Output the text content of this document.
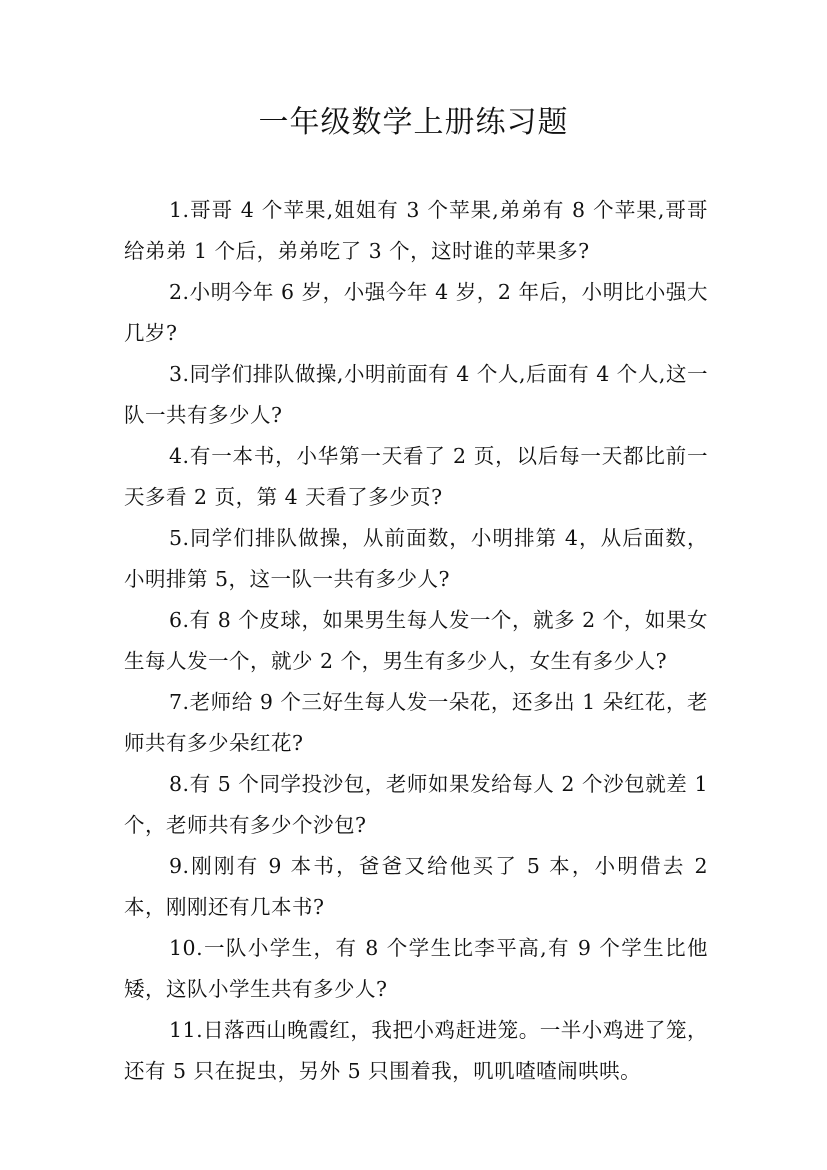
一年级数学上册练习题

1.哥哥 4 个苹果,姐姐有 3 个苹果,弟弟有 8 个苹果,哥哥给弟弟 1 个后，弟弟吃了 3 个，这时谁的苹果多?

2.小明今年 6 岁，小强今年 4 岁，2 年后，小明比小强大几岁?

3.同学们排队做操,小明前面有 4 个人,后面有 4 个人,这一队一共有多少人?

4.有一本书，小华第一天看了 2 页，以后每一天都比前一天多看 2 页，第 4 天看了多少页?

5.同学们排队做操，从前面数，小明排第 4，从后面数，小明排第 5，这一队一共有多少人?

6.有 8 个皮球，如果男生每人发一个，就多 2 个，如果女生每人发一个，就少 2 个，男生有多少人，女生有多少人?

7.老师给 9 个三好生每人发一朵花，还多出 1 朵红花，老师共有多少朵红花?

8.有 5 个同学投沙包，老师如果发给每人 2 个沙包就差 1 个，老师共有多少个沙包?

9.刚刚有 9 本书，爸爸又给他买了 5 本，小明借去 2 本，刚刚还有几本书?

10.一队小学生，有 8 个学生比李平高,有 9 个学生比他矮，这队小学生共有多少人?

11.日落西山晚霞红，我把小鸡赶进笼。一半小鸡进了笼，还有 5 只在捉虫，另外 5 只围着我，叽叽喳喳闹哄哄。
